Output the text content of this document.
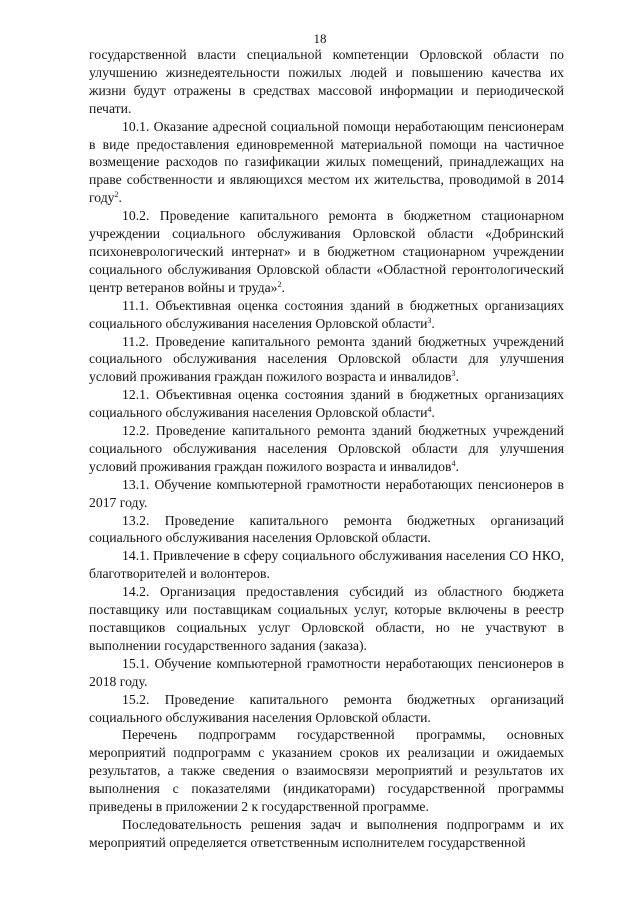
18

государственной власти специальной компетенции Орловской области по улучшению жизнедеятельности пожилых людей и повышению качества их жизни будут отражены в средствах массовой информации и периодической печати.

10.1. Оказание адресной социальной помощи неработающим пенсионерам в виде предоставления единовременной материальной помощи на частичное возмещение расходов по газификации жилых помещений, принадлежащих на праве собственности и являющихся местом их жительства, проводимой в 2014 году$^2$.

10.2. Проведение капитального ремонта в бюджетном стационарном учреждении социального обслуживания Орловской области «Добринский психоневрологический интернат» и в бюджетном стационарном учреждении социального обслуживания Орловской области «Областной геронтологический центр ветеранов войны и труда»$^2$.

11.1. Объективная оценка состояния зданий в бюджетных организациях социального обслуживания населения Орловской области$^3$.

11.2. Проведение капитального ремонта зданий бюджетных учреждений социального обслуживания населения Орловской области для улучшения условий проживания граждан пожилого возраста и инвалидов$^3$.

12.1. Объективная оценка состояния зданий в бюджетных организациях социального обслуживания населения Орловской области$^4$.

12.2. Проведение капитального ремонта зданий бюджетных учреждений социального обслуживания населения Орловской области для улучшения условий проживания граждан пожилого возраста и инвалидов$^4$.

13.1. Обучение компьютерной грамотности неработающих пенсионеров в 2017 году.

13.2. Проведение капитального ремонта бюджетных организаций социального обслуживания населения Орловской области.

14.1. Привлечение в сферу социального обслуживания населения СО НКО, благотворителей и волонтеров.

14.2. Организация предоставления субсидий из областного бюджета поставщику или поставщикам социальных услуг, которые включены в реестр поставщиков социальных услуг Орловской области, но не участвуют в выполнении государственного задания (заказа).

15.1. Обучение компьютерной грамотности неработающих пенсионеров в 2018 году.

15.2. Проведение капитального ремонта бюджетных организаций социального обслуживания населения Орловской области.

Перечень подпрограмм государственной программы, основных мероприятий подпрограмм с указанием сроков их реализации и ожидаемых результатов, а также сведения о взаимосвязи мероприятий и результатов их выполнения с показателями (индикаторами) государственной программы приведены в приложении 2 к государственной программе.

Последовательность решения задач и выполнения подпрограмм и их мероприятий определяется ответственным исполнителем государственной
